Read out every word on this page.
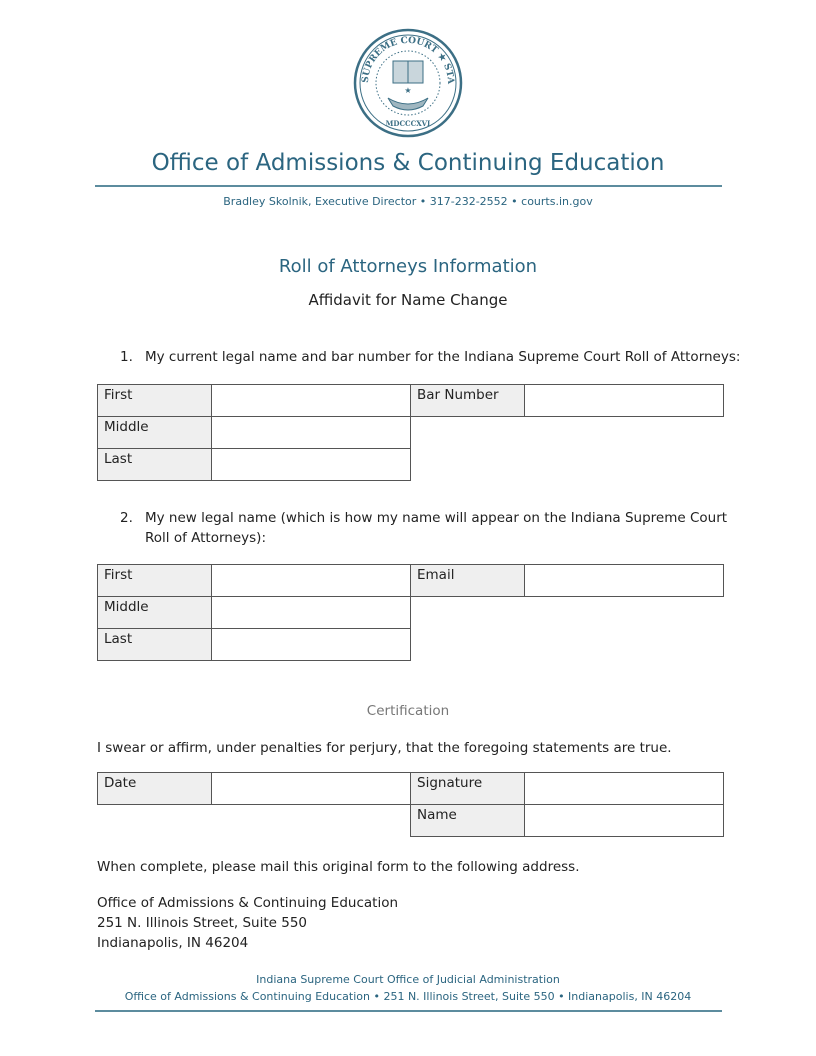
SUPREME COURT ★ STA
★
MDCCCXVI
Office of Admissions & Continuing Education
Bradley Skolnik, Executive Director • 317-232-2552 • courts.in.gov
Roll of Attorneys Information
Affidavit for Name Change
1. My current legal name and bar number for the Indiana Supreme Court Roll of Attorneys:
First		Bar Number	
Middle			
Last			
2. My new legal name (which is how my name will appear on the Indiana Supreme Court
Roll of Attorneys):
First		Email	
Middle			
Last			
Certification
I swear or affirm, under penalties for perjury, that the foregoing statements are true.
Date		Signature	
		Name	
When complete, please mail this original form to the following address.
Office of Admissions & Continuing Education
251 N. Illinois Street, Suite 550
Indianapolis, IN 46204
Indiana Supreme Court Office of Judicial Administration
Office of Admissions & Continuing Education • 251 N. Illinois Street, Suite 550 • Indianapolis, IN 46204
